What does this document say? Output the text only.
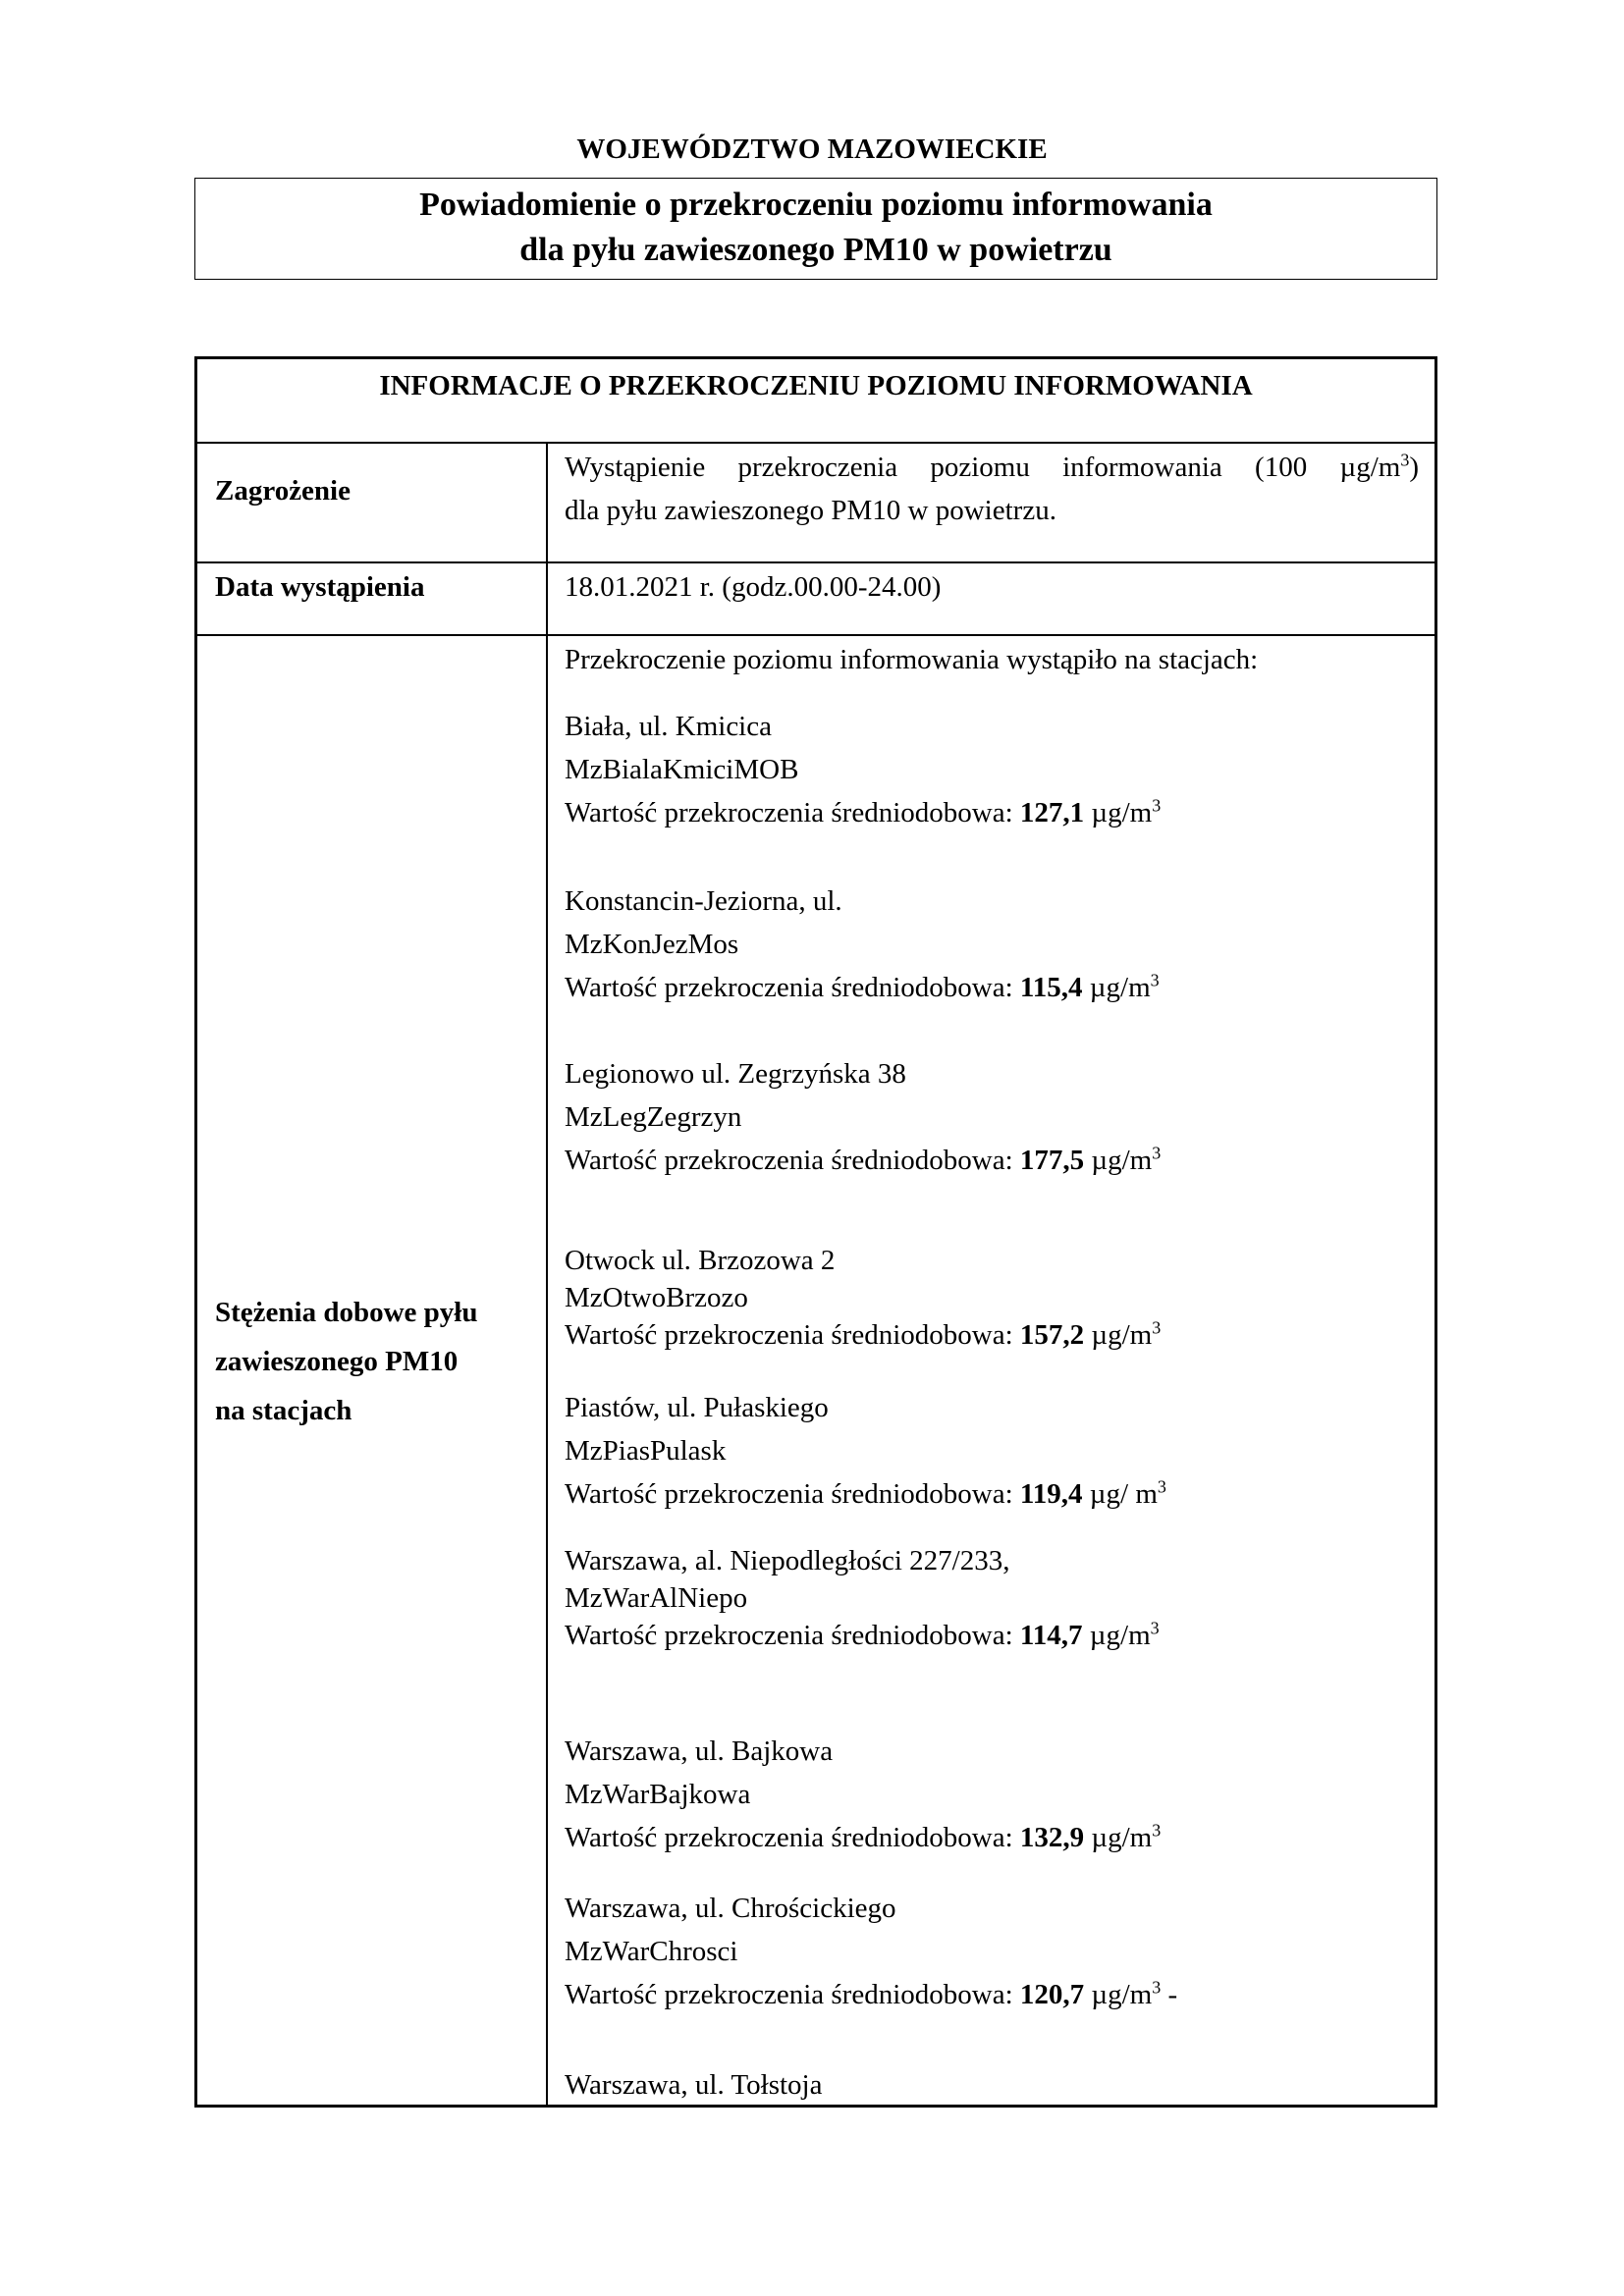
WOJEWÓDZTWO MAZOWIECKIE
Powiadomienie o przekroczeniu poziomu informowania
dla pyłu zawieszonego PM10 w powietrzu
INFORMACJE O PRZEKROCZENIU POZIOMU INFORMOWANIA
Zagrożenie
Wystąpienie przekroczenia poziomu informowania (100 $\mu g/m^3$)
dla pyłu zawieszonego PM10 w powietrzu.
Data wystąpienia	18.01.2021 r. (godz.00.00-24.00)
Stężenia dobowe pyłu
zawieszonego PM10
na stacjach
Przekroczenie poziomu informowania wystąpiło na stacjach:
Biała, ul. Kmicica
MzBialaKmiciMOB
Wartość przekroczenia średniodobowa: 127,1 $\mu g/m^3$
Konstancin-Jeziorna, ul.
MzKonJezMos
Wartość przekroczenia średniodobowa: 115,4 $\mu g/m^3$
Legionowo ul. Zegrzyńska 38
MzLegZegrzyn
Wartość przekroczenia średniodobowa: 177,5 $\mu g/m^3$
Otwock ul. Brzozowa 2
MzOtwoBrzozo
Wartość przekroczenia średniodobowa: 157,2 $\mu g/m^3$
Piastów, ul. Pułaskiego
MzPiasPulask
Wartość przekroczenia średniodobowa: 119,4 µg/ $m^3$
Warszawa, al. Niepodległości 227/233,
MzWarAlNiepo
Wartość przekroczenia średniodobowa: 114,7 $\mu g/m^3$
Warszawa, ul. Bajkowa
MzWarBajkowa
Wartość przekroczenia średniodobowa: 132,9 $\mu g/m^3$
Warszawa, ul. Chrościckiego
MzWarChrosci
Wartość przekroczenia średniodobowa: 120,7 $\mu g/m^3$ -
Warszawa, ul. Tołstoja
